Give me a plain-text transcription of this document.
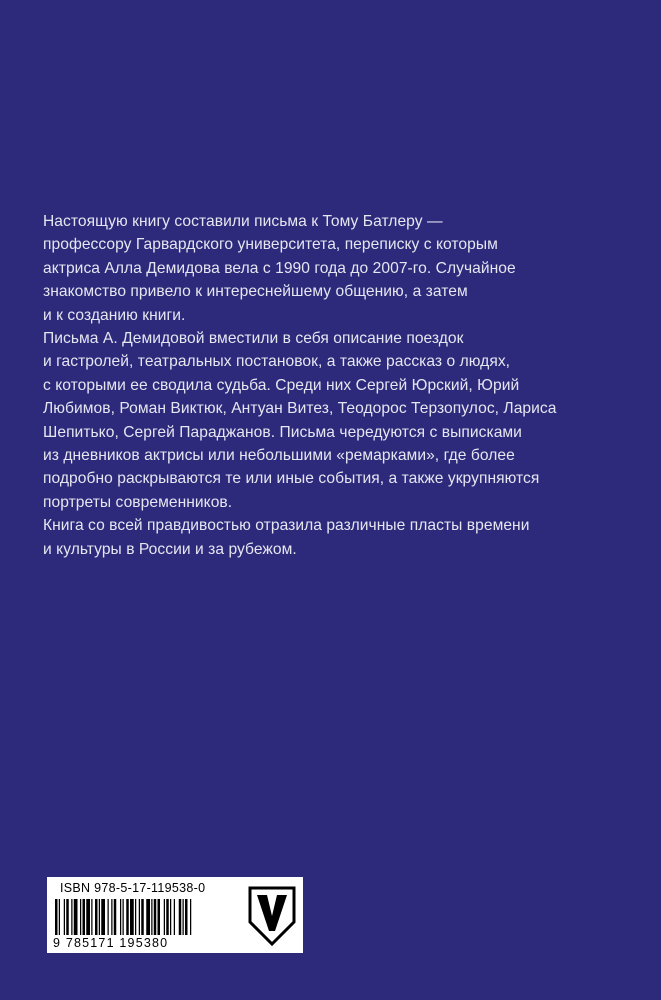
Настоящую книгу составили письма к Тому Батлеру —
профессору Гарвардского университета, переписку с которым
актриса Алла Демидова вела с 1990 года до 2007-го. Случайное
знакомство привело к интереснейшему общению, а затем
и к созданию книги.
Письма А. Демидовой вместили в себя описание поездок
и гастролей, театральных постановок, а также рассказ о людях,
с которыми ее сводила судьба. Среди них Сергей Юрский, Юрий
Любимов, Роман Виктюк, Антуан Витез, Теодорос Терзопулос, Лариса
Шепитько, Сергей Параджанов. Письма чередуются с выписками
из дневников актрисы или небольшими «ремарками», где более
подробно раскрываются те или иные события, а также укрупняются
портреты современников.
Книга со всей правдивостью отразила различные пласты времени
и культуры в России и за рубежом.
ISBN 978-5-17-119538-0
9 785171 195380
